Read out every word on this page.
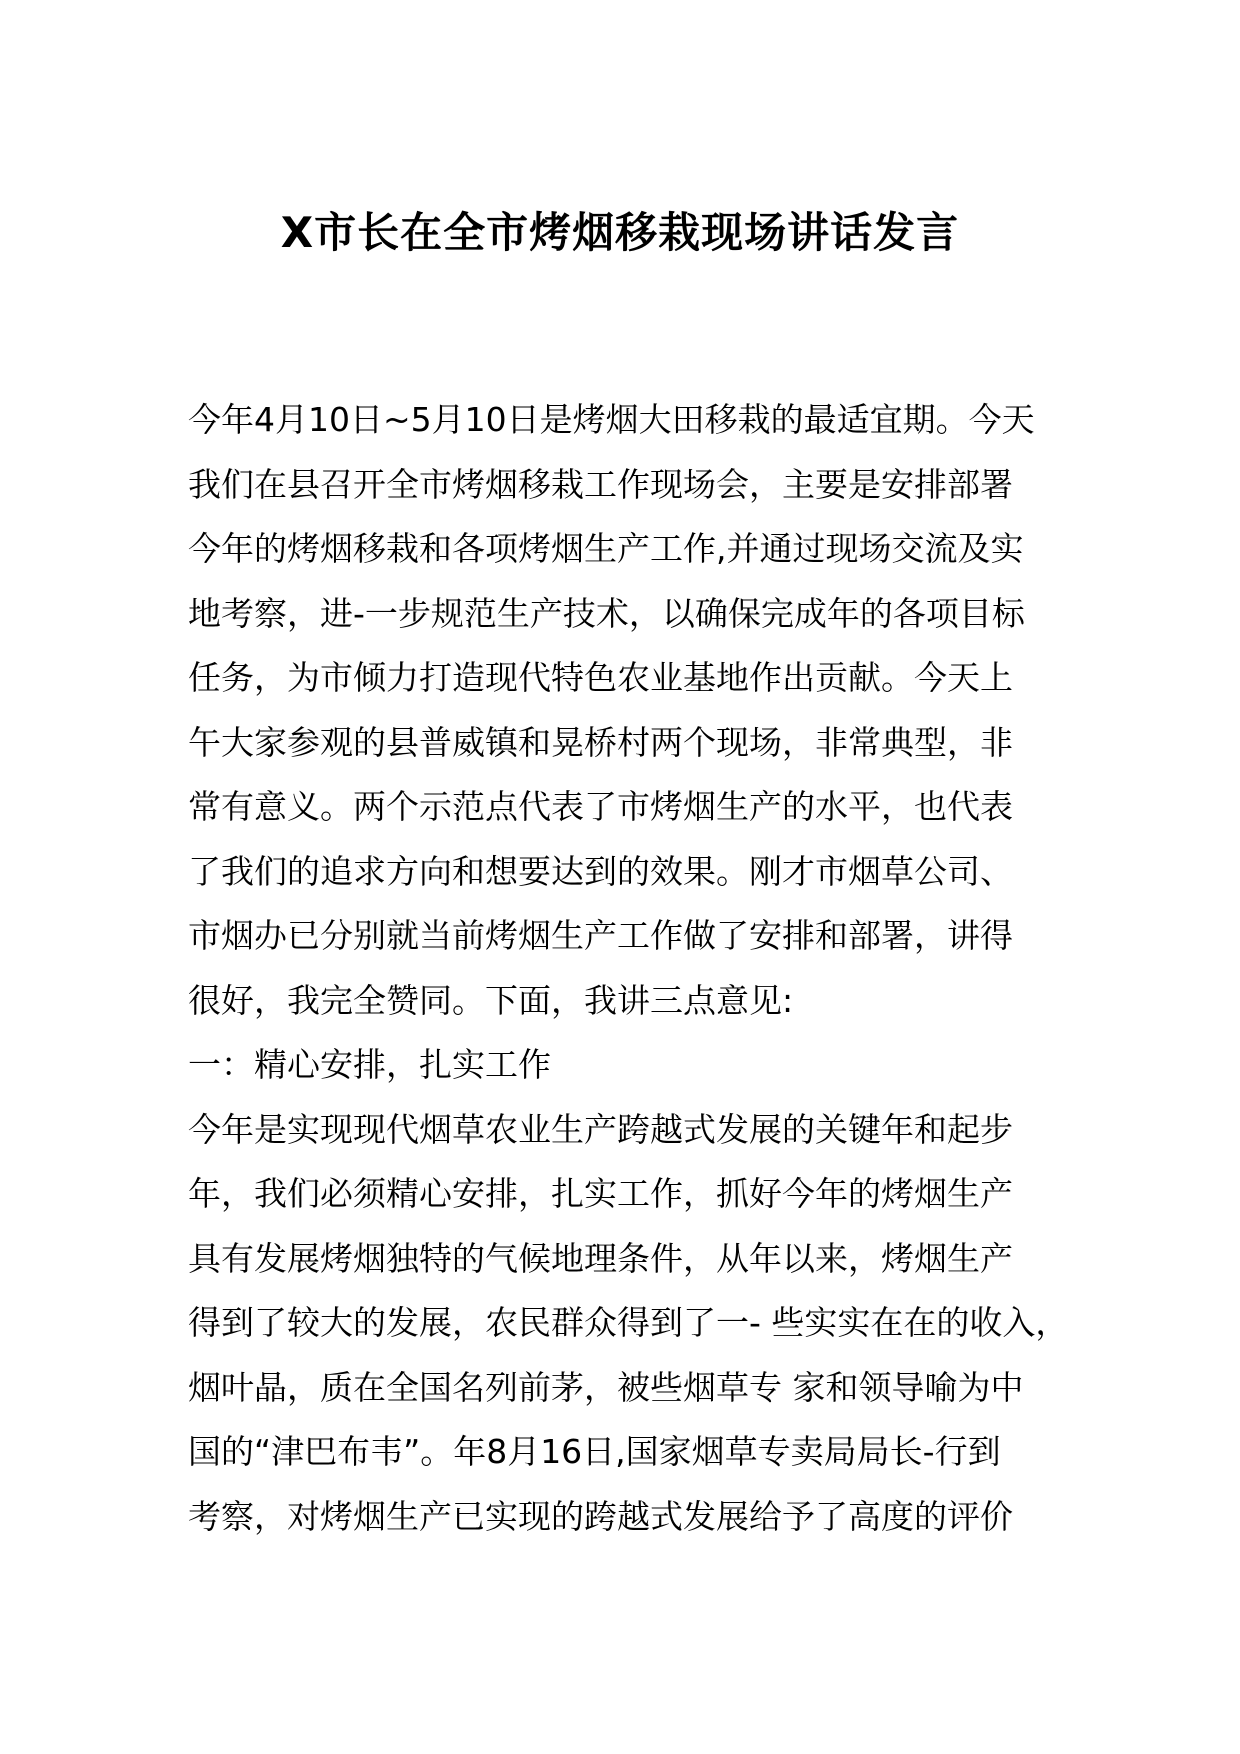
X市长在全市烤烟移栽现场讲话发言
今年4月10日~5月10日是烤烟大田移栽的最适宜期。今天
我们在县召开全市烤烟移栽工作现场会，主要是安排部署
今年的烤烟移栽和各项烤烟生产工作,并通过现场交流及实
地考察，进-一步规范生产技术，以确保完成年的各项目标
任务，为市倾力打造现代特色农业基地作出贡献。今天上
午大家参观的县普威镇和晃桥村两个现场，非常典型，非
常有意义。两个示范点代表了市烤烟生产的水平，也代表
了我们的追求方向和想要达到的效果。刚才市烟草公司、
市烟办已分别就当前烤烟生产工作做了安排和部署，讲得
很好，我完全赞同。下面，我讲三点意见:
一：精心安排，扎实工作
今年是实现现代烟草农业生产跨越式发展的关键年和起步
年，我们必须精心安排，扎实工作，抓好今年的烤烟生产
具有发展烤烟独特的气候地理条件，从年以来，烤烟生产
得到了较大的发展，农民群众得到了一- 些实实在在的收入，
烟叶晶，质在全国名列前茅，被些烟草专 家和领导喻为中
国的“津巴布韦”。年8月16日,国家烟草专卖局局长-行到
考察，对烤烟生产已实现的跨越式发展给予了高度的评价
